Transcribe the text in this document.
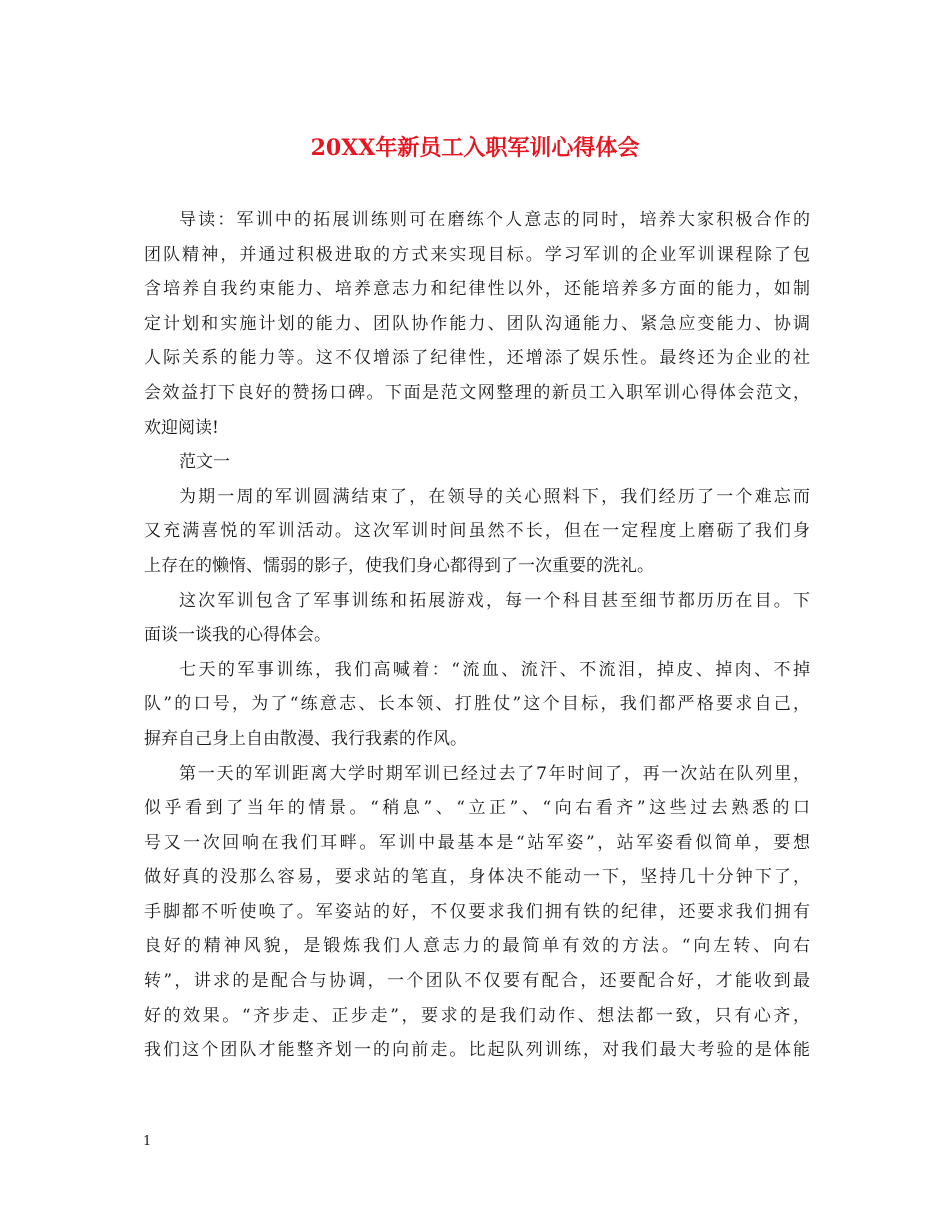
20XX年新员工入职军训心得体会
导读：军训中的拓展训练则可在磨练个人意志的同时，培养大家积极合作的
团队精神，并通过积极进取的方式来实现目标。学习军训的企业军训课程除了包
含培养自我约束能力、培养意志力和纪律性以外，还能培养多方面的能力，如制
定计划和实施计划的能力、团队协作能力、团队沟通能力、紧急应变能力、协调
人际关系的能力等。这不仅增添了纪律性，还增添了娱乐性。最终还为企业的社
会效益打下良好的赞扬口碑。下面是范文网整理的新员工入职军训心得体会范文，
欢迎阅读!
范文一
为期一周的军训圆满结束了，在领导的关心照料下，我们经历了一个难忘而
又充满喜悦的军训活动。这次军训时间虽然不长，但在一定程度上磨砺了我们身
上存在的懒惰、懦弱的影子，使我们身心都得到了一次重要的洗礼。
这次军训包含了军事训练和拓展游戏，每一个科目甚至细节都历历在目。下
面谈一谈我的心得体会。
七天的军事训练，我们高喊着：“流血、流汗、不流泪，掉皮、掉肉、不掉
队”的口号，为了“练意志、长本领、打胜仗”这个目标，我们都严格要求自己，
摒弃自己身上自由散漫、我行我素的作风。
第一天的军训距离大学时期军训已经过去了7年时间了，再一次站在队列里，
似乎看到了当年的情景。“稍息”、“立正”、“向右看齐”这些过去熟悉的口
号又一次回响在我们耳畔。军训中最基本是“站军姿”，站军姿看似简单，要想
做好真的没那么容易，要求站的笔直，身体决不能动一下，坚持几十分钟下了，
手脚都不听使唤了。军姿站的好，不仅要求我们拥有铁的纪律，还要求我们拥有
良好的精神风貌，是锻炼我们人意志力的最简单有效的方法。“向左转、向右
转”，讲求的是配合与协调，一个团队不仅要有配合，还要配合好，才能收到最
好的效果。“齐步走、正步走”，要求的是我们动作、想法都一致，只有心齐，
我们这个团队才能整齐划一的向前走。比起队列训练，对我们最大考验的是体能
1
